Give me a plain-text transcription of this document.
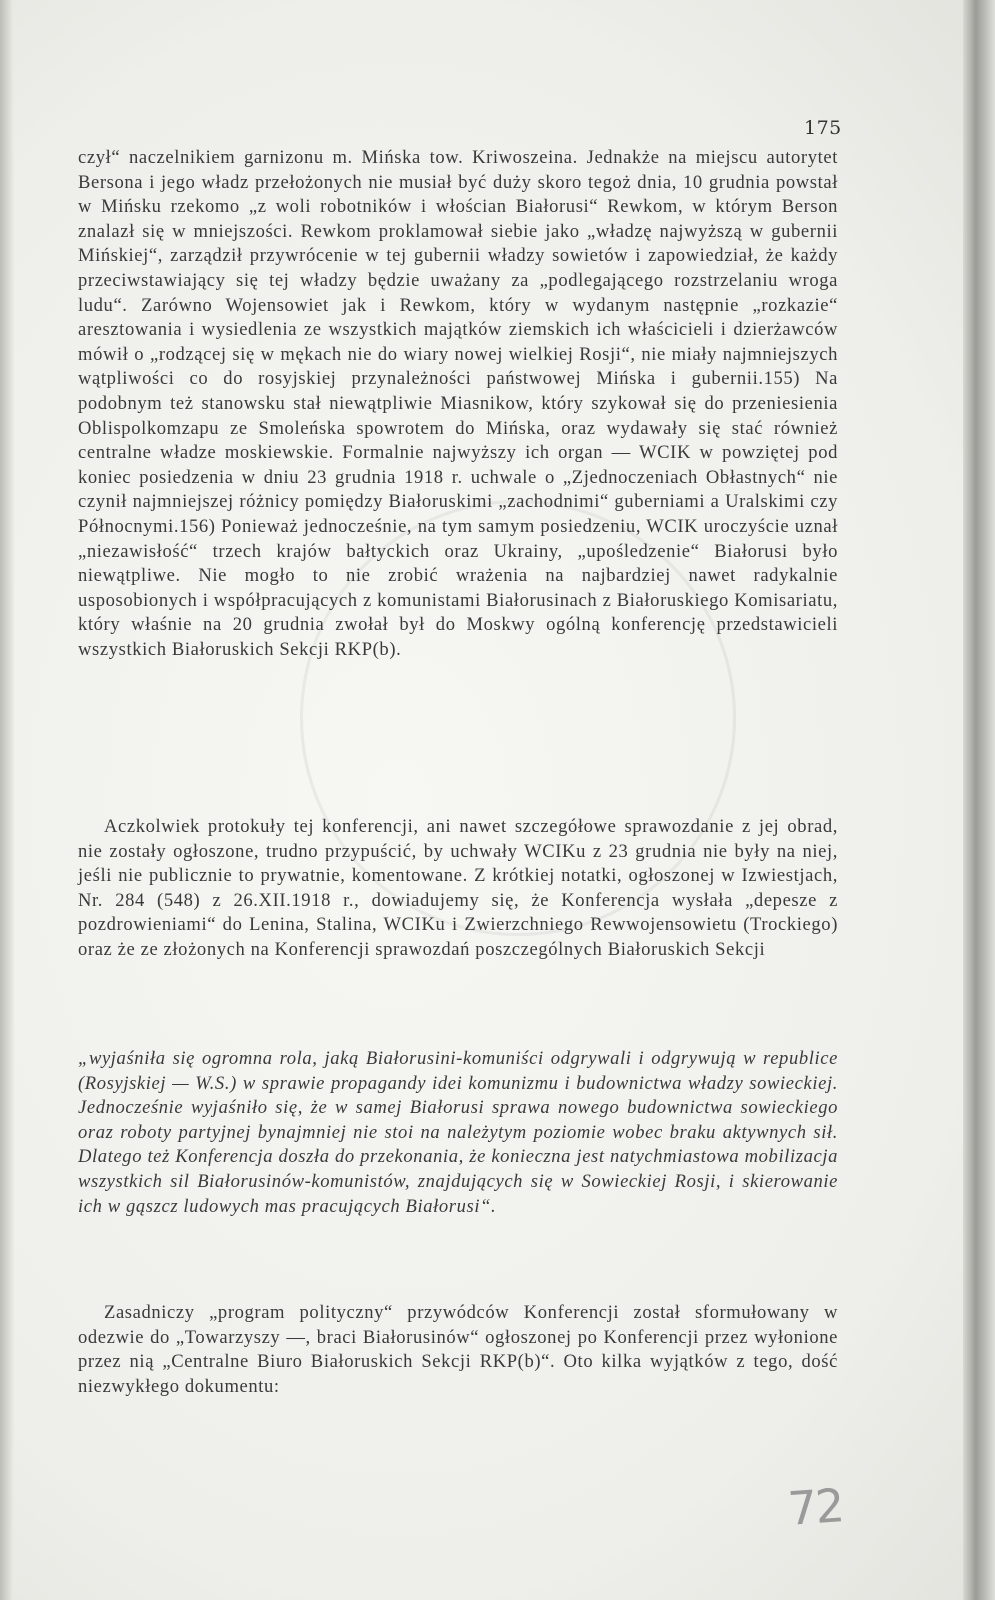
175

czył“ naczelnikiem garnizonu m. Mińska tow. Kriwoszeina. Jednakże na miejscu autorytet Bersona i jego władz przełożonych nie musiał być duży skoro tegoż dnia, 10 grudnia powstał w Mińsku rzekomo „z woli robotników i włościan Białorusi“ Rewkom, w którym Berson znalazł się w mniejszości. Rewkom proklamował siebie jako „władzę najwyższą w gubernii Mińskiej“, zarządził przywrócenie w tej gubernii władzy sowietów i zapowiedział, że każdy przeciwstawiający się tej władzy będzie uważany za „podlegającego rozstrzelaniu wroga ludu“. Zarówno Wojensowiet jak i Rewkom, który w wydanym następnie „rozkazie“ aresztowania i wysiedlenia ze wszystkich majątków ziemskich ich właścicieli i dzierżawców mówił o „rodzącej się w mękach nie do wiary nowej wielkiej Rosji“, nie miały najmniejszych wątpliwości co do rosyjskiej przynależności państwowej Mińska i gubernii.155) Na podobnym też stanowsku stał niewątpliwie Miasnikow, który szykował się do przeniesienia Oblispolkomzapu ze Smoleńska spowrotem do Mińska, oraz wydawały się stać również centralne władze moskiewskie. Formalnie najwyższy ich organ — WCIK w powziętej pod koniec posiedzenia w dniu 23 grudnia 1918 r. uchwale o „Zjednoczeniach Obłastnych“ nie czynił najmniejszej różnicy pomiędzy Białoruskimi „zachodnimi“ guberniami a Uralskimi czy Północnymi.156) Ponieważ jednocześnie, na tym samym posiedzeniu, WCIK uroczyście uznał „niezawisłość“ trzech krajów bałtyckich oraz Ukrainy, „upośledzenie“ Białorusi było niewątpliwe. Nie mogło to nie zrobić wrażenia na najbardziej nawet radykalnie usposobionych i współpracujących z komunistami Białorusinach z Białoruskiego Komisariatu, który właśnie na 20 grudnia zwołał był do Moskwy ogólną konferencję przedstawicieli wszystkich Białoruskich Sekcji RKP(b).

Aczkolwiek protokuły tej konferencji, ani nawet szczegółowe sprawozdanie z jej obrad, nie zostały ogłoszone, trudno przypuścić, by uchwały WCIKu z 23 grudnia nie były na niej, jeśli nie publicznie to prywatnie, komentowane. Z krótkiej notatki, ogłoszonej w Izwiestjach, Nr. 284 (548) z 26.XII.1918 r., dowiadujemy się, że Konferencja wysłała „depesze z pozdrowieniami“ do Lenina, Stalina, WCIKu i Zwierzchniego Rewwojensowietu (Trockiego) oraz że ze złożonych na Konferencji sprawozdań poszczególnych Białoruskich Sekcji

„wyjaśniła się ogromna rola, jaką Białorusini-komuniści odgrywali i odgrywują w republice (Rosyjskiej — W.S.) w sprawie propagandy idei komunizmu i budownictwa władzy sowieckiej. Jednocześnie wyjaśniło się, że w samej Białorusi sprawa nowego budownictwa sowieckiego oraz roboty partyjnej bynajmniej nie stoi na należytym poziomie wobec braku aktywnych sił. Dlatego też Konferencja doszła do przekonania, że konieczna jest natychmiastowa mobilizacja wszystkich sil Białorusinów-komunistów, znajdujących się w Sowieckiej Rosji, i skierowanie ich w gąszcz ludowych mas pracujących Białorusi“.

Zasadniczy „program polityczny“ przywódców Konferencji został sformułowany w odezwie do „Towarzyszy —, braci Białorusinów“ ogłoszonej po Konferencji przez wyłonione przez nią „Centralne Biuro Białoruskich Sekcji RKP(b)“. Oto kilka wyjątków z tego, dość niezwykłego dokumentu:

72
